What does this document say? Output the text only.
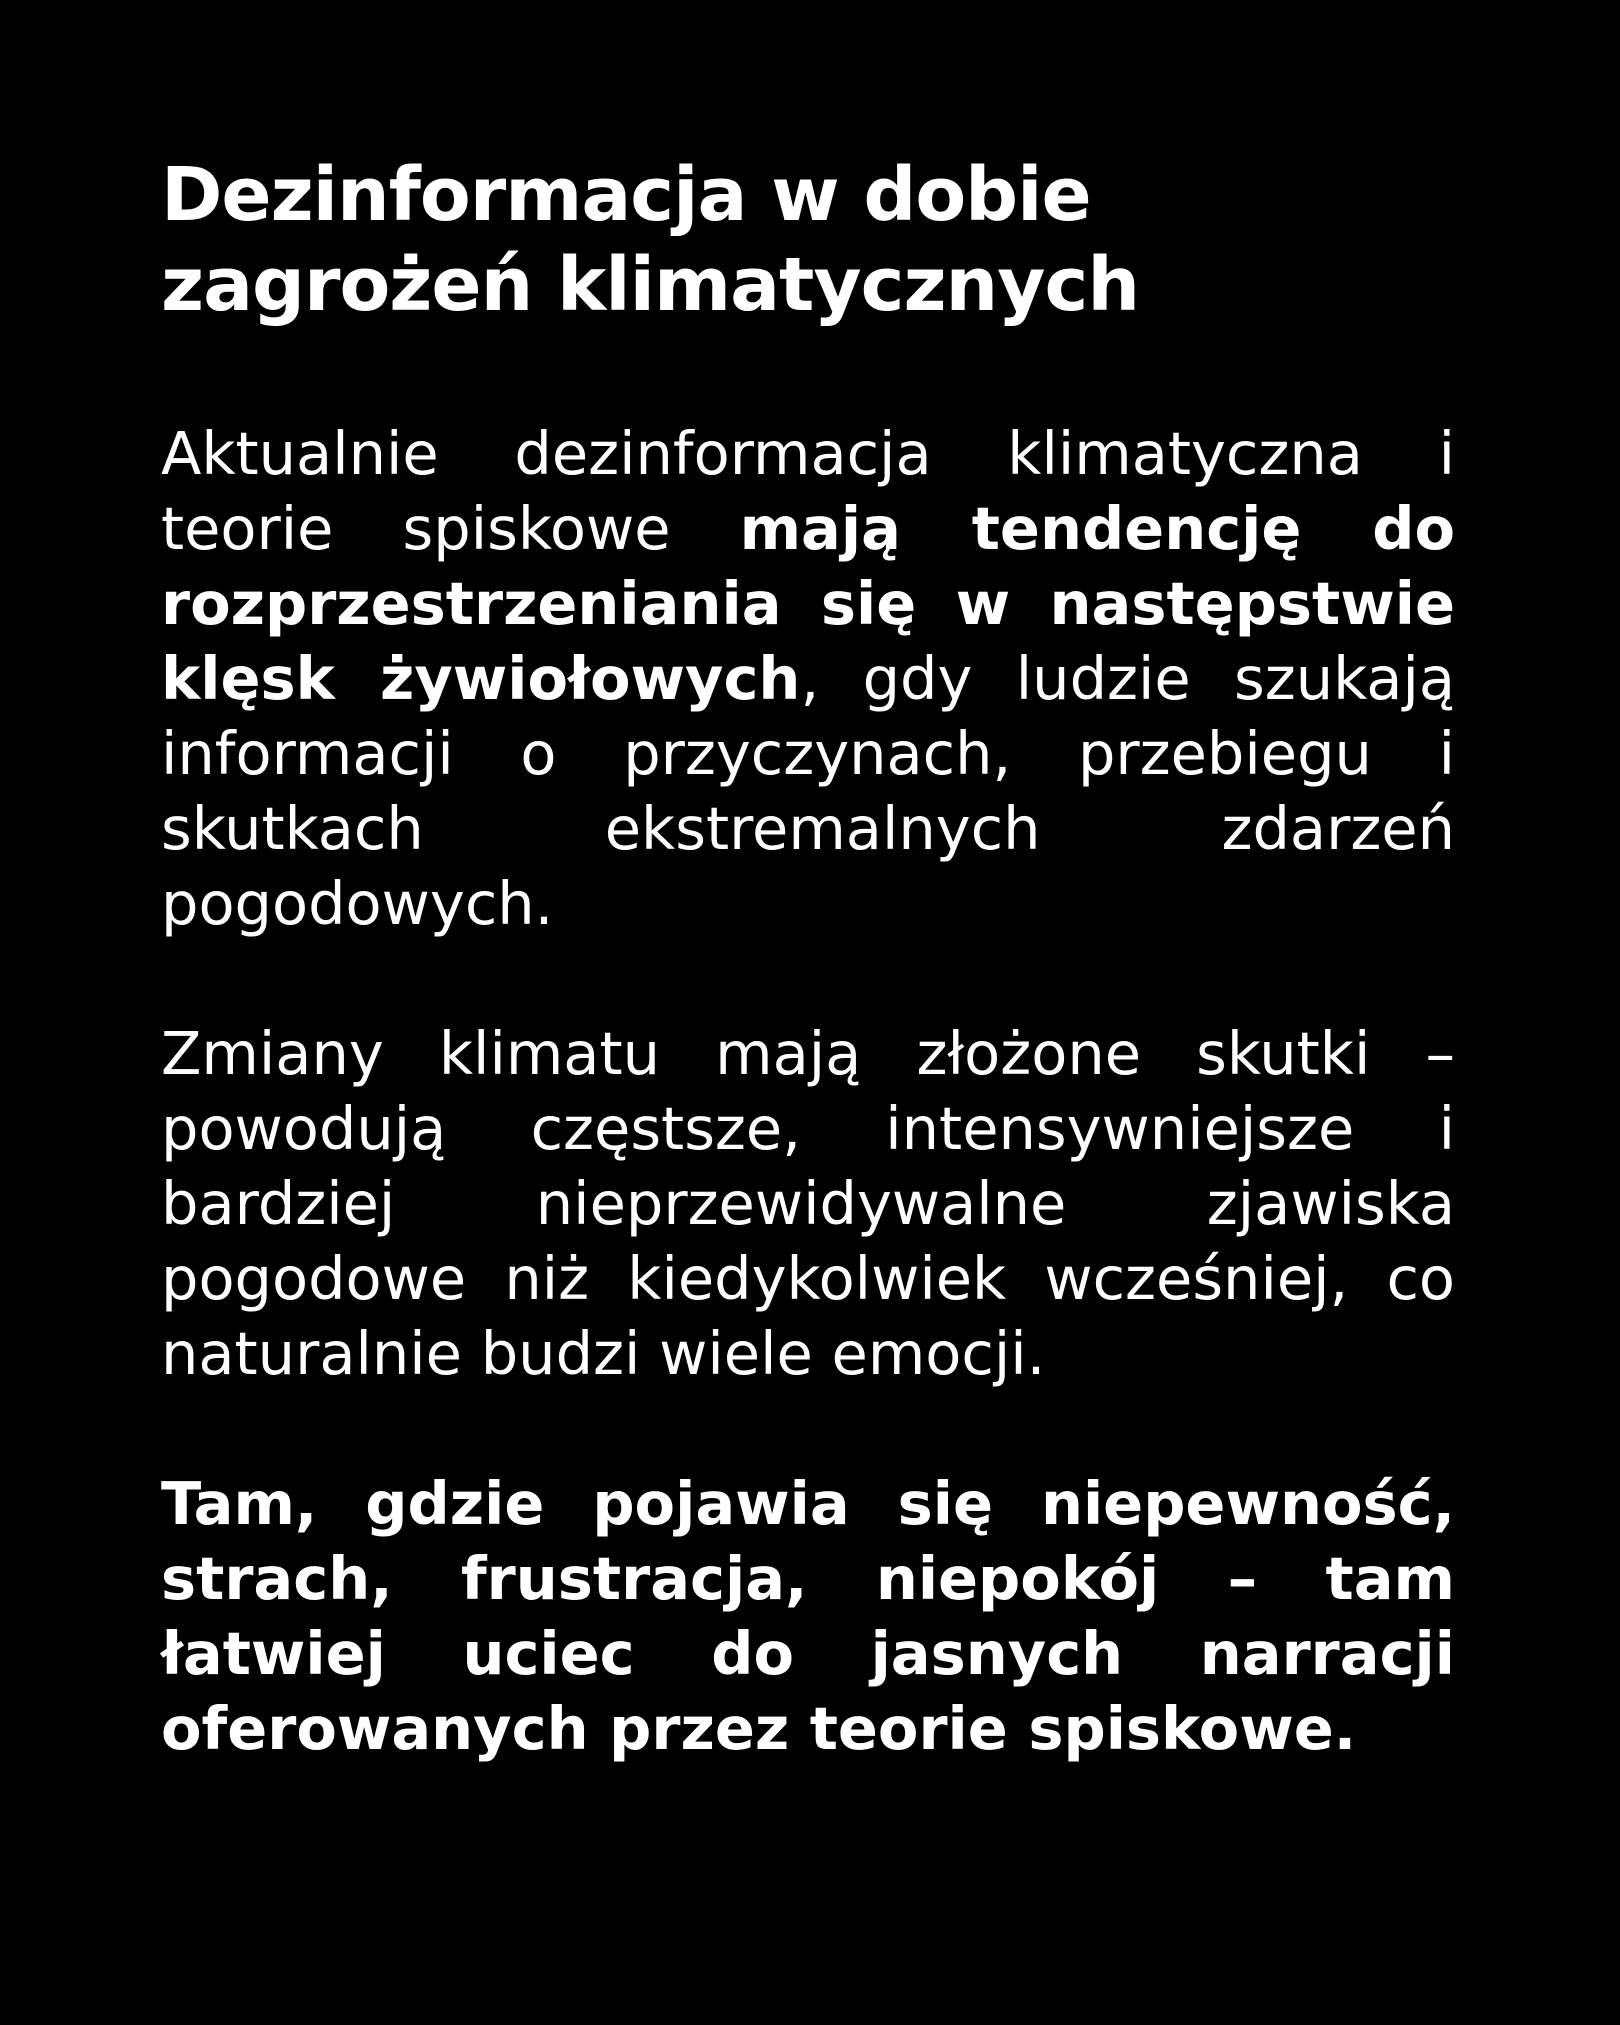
Dezinformacja w dobie
zagrożeń klimatycznych

Aktualnie dezinformacja klimatyczna i teorie spiskowe mają tendencję do rozprzestrzeniania się w następstwie klęsk żywiołowych, gdy ludzie szukają informacji o przyczynach, przebiegu i skutkach ekstremalnych zdarzeń pogodowych.

Zmiany klimatu mają złożone skutki – powodują częstsze, intensywniejsze i bardziej nieprzewidywalne zjawiska pogodowe niż kiedykolwiek wcześniej, co naturalnie budzi wiele emocji.

Tam, gdzie pojawia się niepewność, strach, frustracja, niepokój – tam łatwiej uciec do jasnych narracji oferowanych przez teorie spiskowe.
